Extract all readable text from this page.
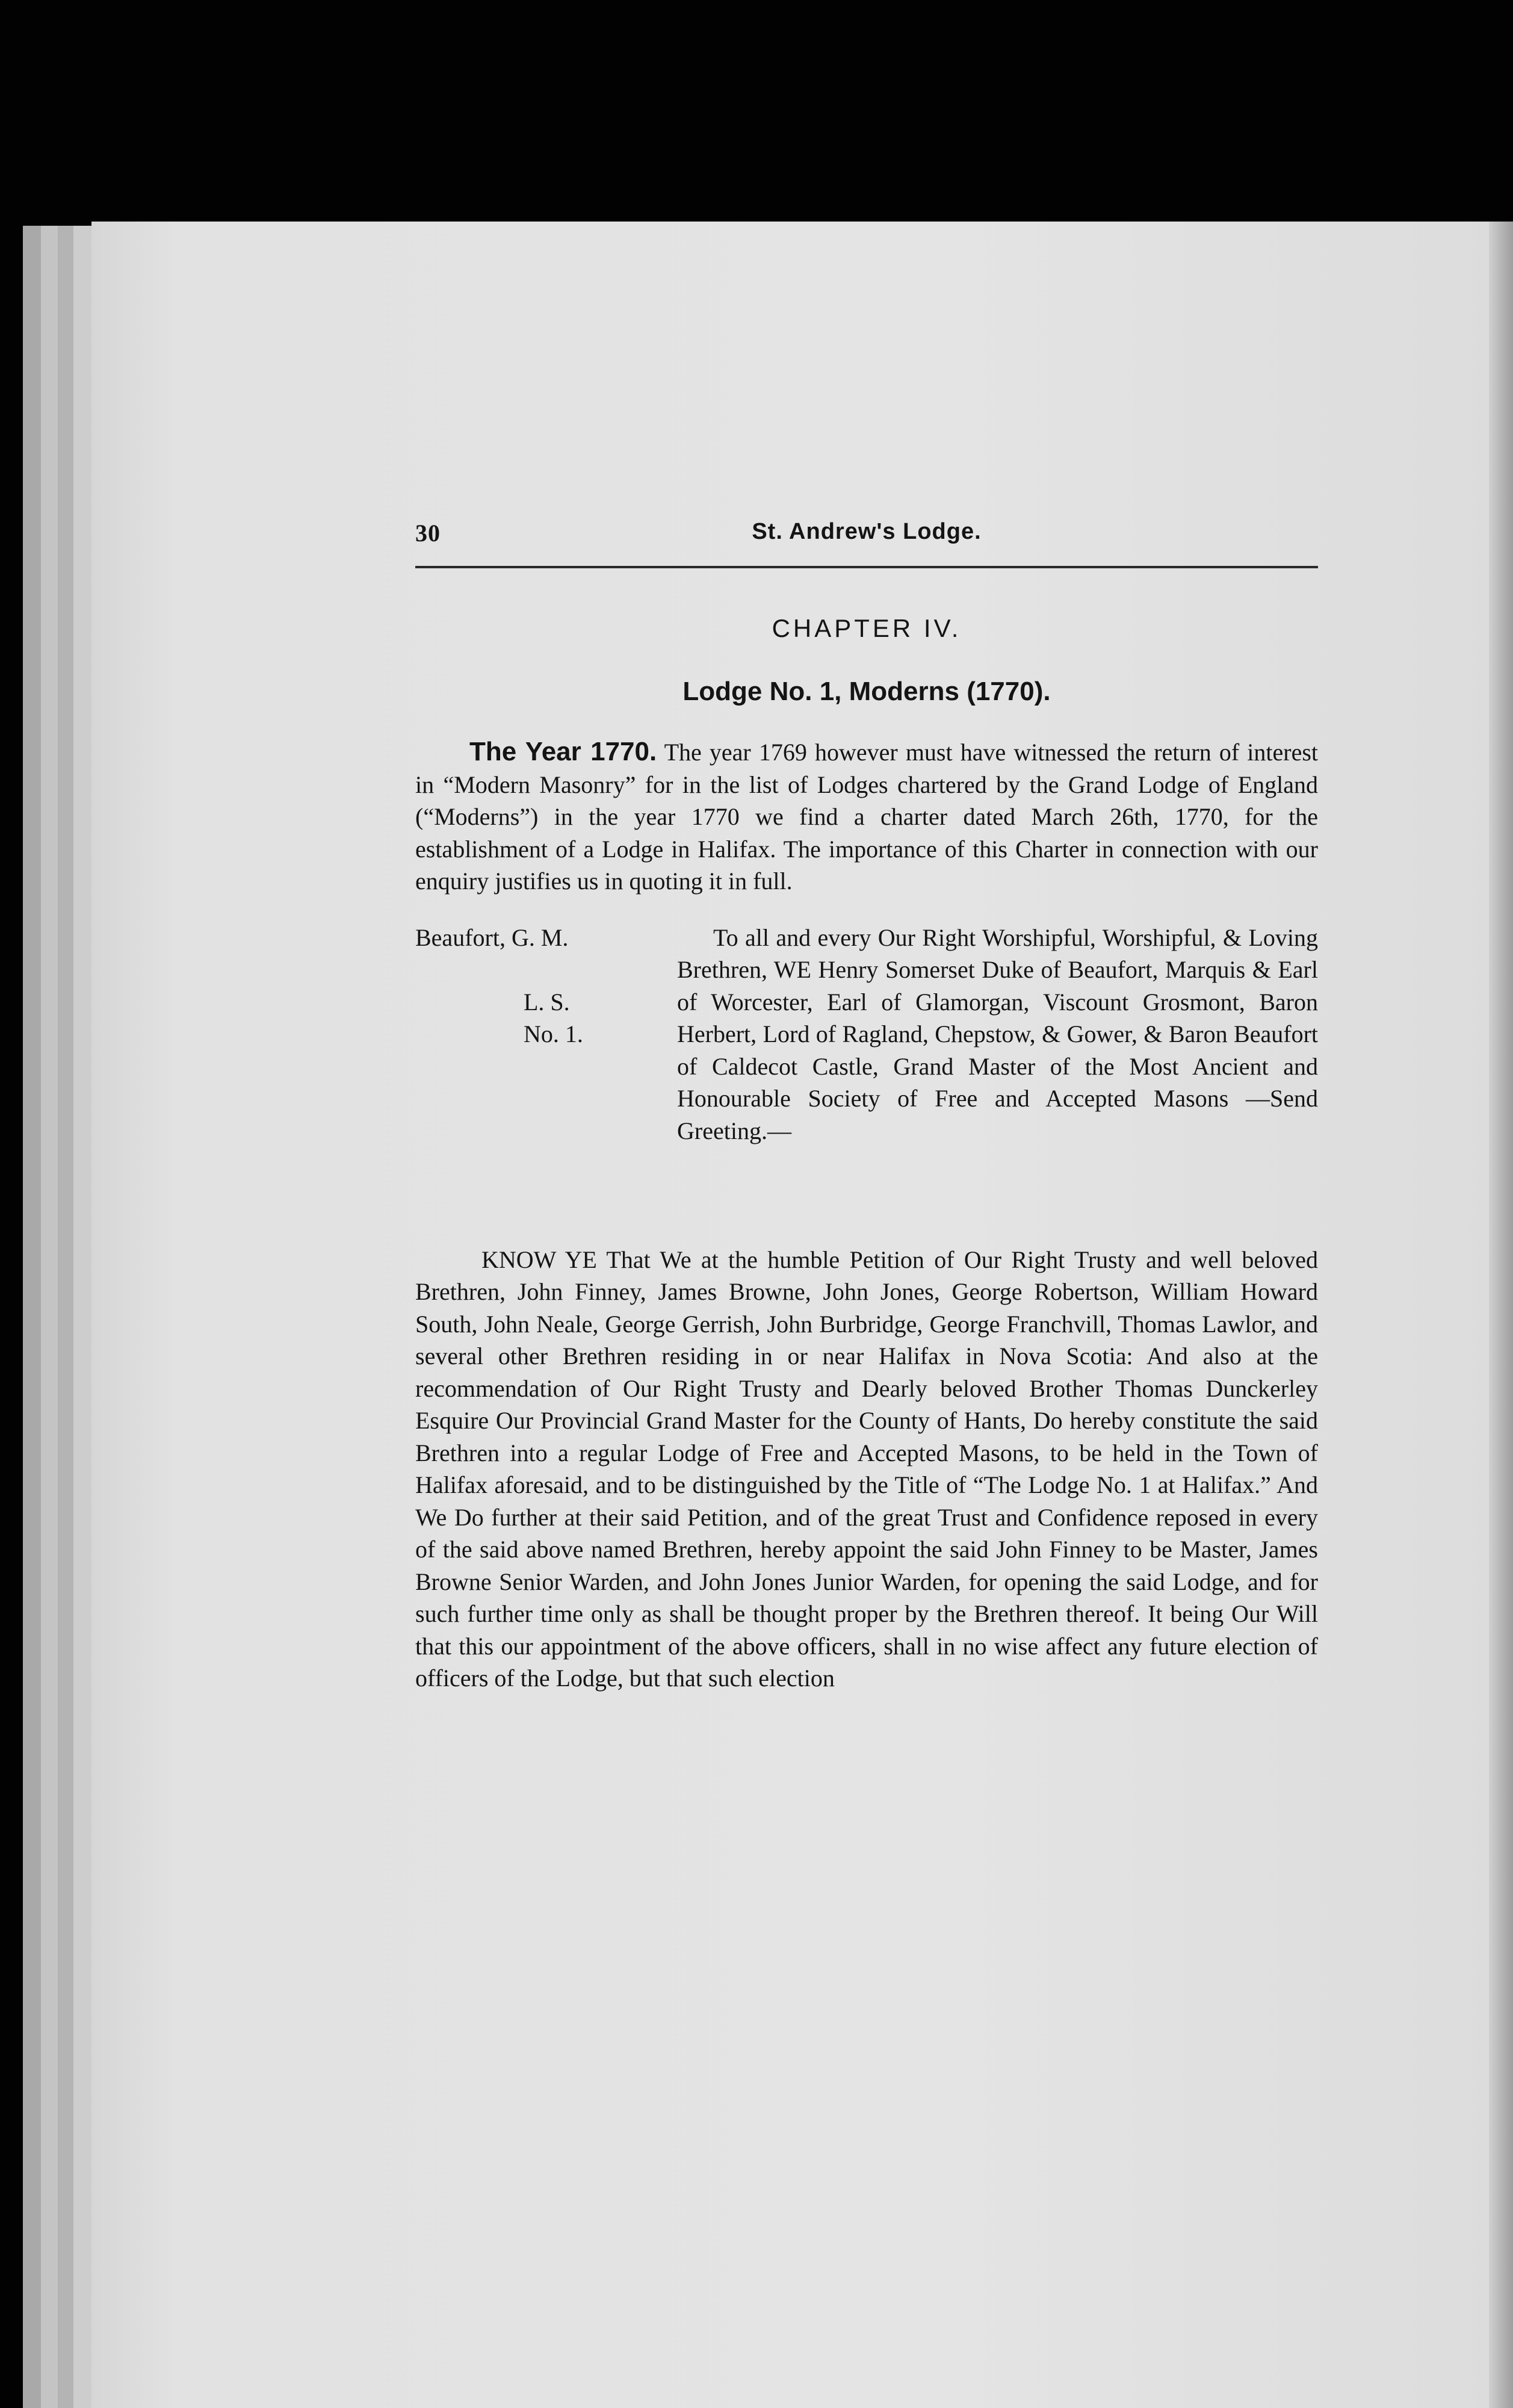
30	St. Andrew's Lodge.
CHAPTER IV.
Lodge No. 1, Moderns (1770).

The Year 1770. The year 1769 however must have witnessed the return of interest in “Modern Masonry” for in the list of Lodges chartered by the Grand Lodge of England (“Moderns”) in the year 1770 we find a charter dated March 26th, 1770, for the establishment of a Lodge in Halifax. The importance of this Charter in connection with our enquiry justifies us in quoting it in full.

Beaufort, G. M.
L. S.
No. 1.
To all and every Our Right Worshipful, Worshipful, & Loving Brethren, WE Henry Somerset Duke of Beaufort, Marquis & Earl of Worcester, Earl of Glamorgan, Viscount Grosmont, Baron Herbert, Lord of Ragland, Chepstow, & Gower, & Baron Beaufort of Caldecot Castle, Grand Master of the Most Ancient and Honourable Society of Free and Accepted Masons —Send Greeting.—

KNOW YE That We at the humble Petition of Our Right Trusty and well beloved Brethren, John Finney, James Browne, John Jones, George Robertson, William Howard South, John Neale, George Gerrish, John Burbridge, George Franchvill, Thomas Lawlor, and several other Brethren residing in or near Halifax in Nova Scotia: And also at the recommendation of Our Right Trusty and Dearly beloved Brother Thomas Dunckerley Esquire Our Provincial Grand Master for the County of Hants, Do hereby constitute the said Brethren into a regular Lodge of Free and Accepted Masons, to be held in the Town of Halifax aforesaid, and to be distinguished by the Title of “The Lodge No. 1 at Halifax.” And We Do further at their said Petition, and of the great Trust and Confidence reposed in every of the said above named Brethren, hereby appoint the said John Finney to be Master, James Browne Senior Warden, and John Jones Junior Warden, for opening the said Lodge, and for such further time only as shall be thought proper by the Brethren thereof. It being Our Will that this our appointment of the above officers, shall in no wise affect any future election of officers of the Lodge, but that such election
